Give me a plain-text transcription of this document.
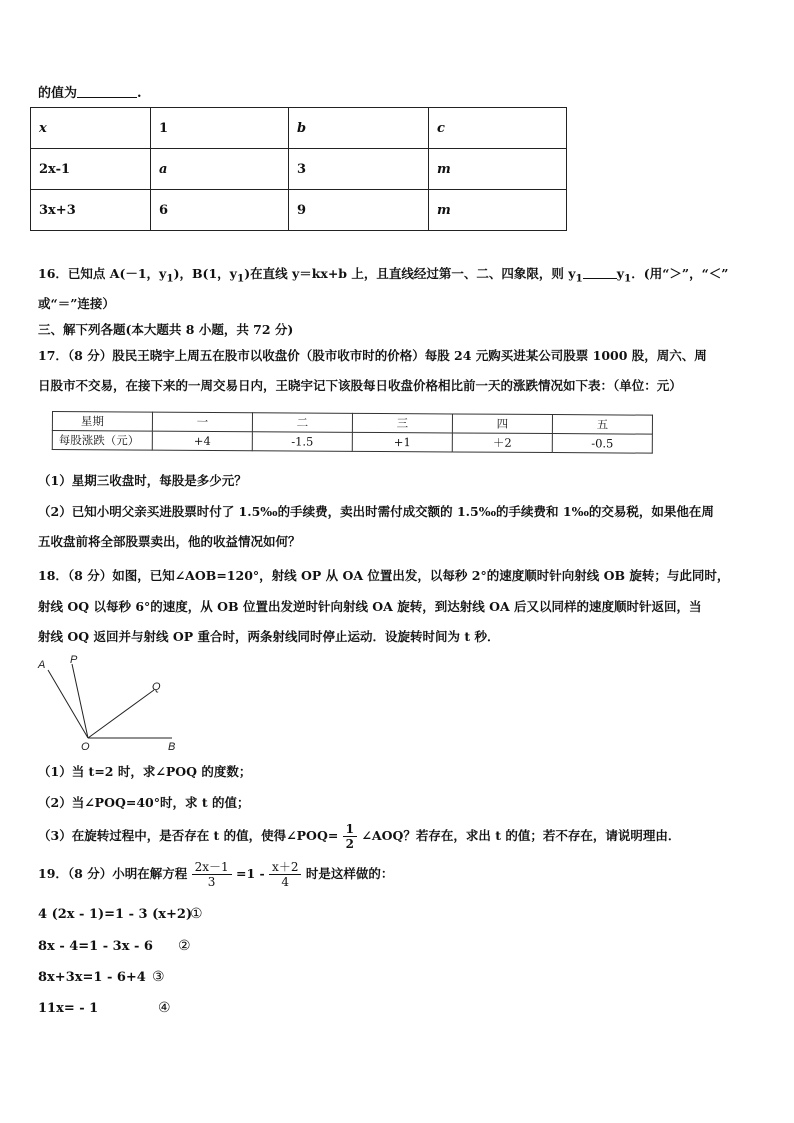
的值为	.
x	1	b	c
2x-1	a	3	m
3x+3	6	9	m
16．已知点 A(－1，$y_1$)，B(1，$y_1$)在直线 y＝kx+b 上，且直线经过第一、二、四象限，则 $y_1$	$y_1$．(用“＞”，“＜”
或“＝”连接）
三、解下列各题(本大题共 8 小题，共 72 分)
17．（8 分）股民王晓宇上周五在股市以收盘价（股市收市时的价格）每股 24 元购买进某公司股票 1000 股，周六、周
日股市不交易，在接下来的一周交易日内，王晓宇记下该股每日收盘价格相比前一天的涨跌情况如下表：（单位：元）
星期	一	二	三	四	五
每股涨跌（元）	+4	-1.5	+1	＋2	-0.5
（1）星期三收盘时，每股是多少元？
（2）已知小明父亲买进股票时付了 1.5‰的手续费，卖出时需付成交额的 1.5‰的手续费和 1‰的交易税，如果他在周
五收盘前将全部股票卖出，他的收益情况如何？
18．（8 分）如图，已知∠AOB=120°，射线 OP 从 OA 位置出发，以每秒 2°的速度顺时针向射线 OB 旋转；与此同时，
射线 OQ 以每秒 6°的速度，从 OB 位置出发逆时针向射线 OA 旋转，到达射线 OA 后又以同样的速度顺时针返回，当
射线 OQ 返回并与射线 OP 重合时，两条射线同时停止运动．设旋转时间为 t 秒．
A P
Q
O	B
（1）当 t=2 时，求∠POQ 的度数；
（2）当∠POQ=40°时，求 t 的值；
（3）在旋转过程中，是否存在 t 的值，使得∠POQ= $\frac{1}{2}$ ∠AOQ？若存在，求出 t 的值；若不存在，请说明理由．
19．（8 分）小明在解方程 $\frac{2x-1}{3} =1 - \frac{x+2}{4}$ 时是这样做的：
4 (2x - 1)=1 - 3 (x+2)
①
8x - 4=1 - 3x - 6 ②
8x+3x=1 - 6+4 ③
11x= - 1	④
